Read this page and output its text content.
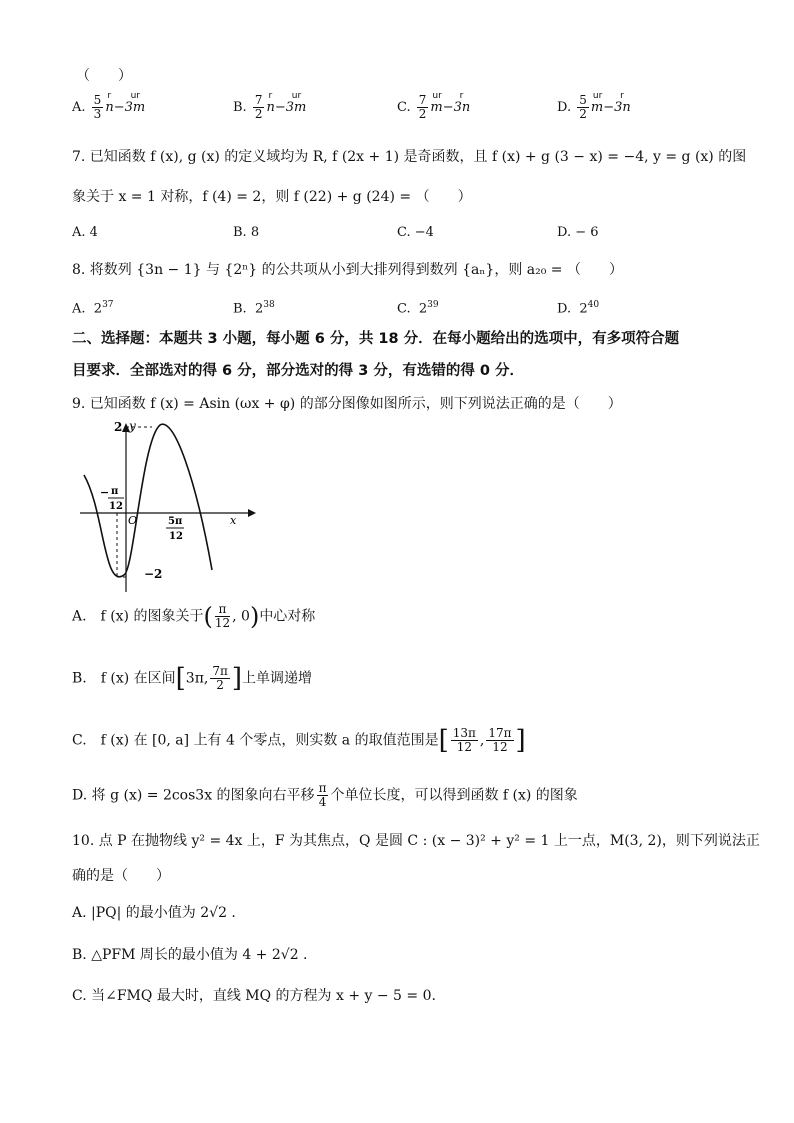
（　　）
A. $\frac{5}{3}$ r
n−
ur
3m	B. $\frac{7}{2}$ r
n−
ur
3m	C. $\frac{7}{2}$ ur
m−
r
3n	D. $\frac{5}{2}$ ur
m−
r
3n
7. 已知函数 f (x), g (x) 的定义域均为 R, f (2x + 1) 是奇函数，且 f (x) + g (3 − x) = −4, y = g (x) 的图
象关于 x = 1 对称，f (4) = 2，则 f (22) + g (24) = （　　）
A. 4	B. 8	C. −4	D. − 6
8. 将数列 {3n − 1} 与 {2ⁿ} 的公共项从小到大排列得到数列 {aₙ}，则 a₂₀ = （　　）
A. $2^{37}$	B. $2^{38}$	C. $2^{39}$	D. $2^{40}$
二、选择题：本题共 3 小题，每小题 6 分，共 18 分．在每小题给出的选项中，有多项符合题
目要求．全部选对的得 6 分，部分选对的得 3 分，有选错的得 0 分．
9. 已知函数 f (x) = Asin (ωx + φ) 的部分图像如图所示，则下列说法正确的是（　　）
y
2
O	x
−2
− π
12
5π
12
A.　f (x) 的图象关于( $\frac{\pi}{12}$ , 0)中心对称
B.　f (x) 在区间[3π, $\frac{7\pi}{2}$ ]上单调递增
C.　f (x) 在 [0, a] 上有 4 个零点，则实数 a 的取值范围是[ $\frac{13\pi}{12}$ , $\frac{17\pi}{12}$ ]
D. 将 g (x) = 2cos3x 的图象向右平移 $\frac{\pi}{4}$ 个单位长度，可以得到函数 f (x) 的图象
10. 点 P 在抛物线 y² = 4x 上，F 为其焦点，Q 是圆 C : (x − 3)² + y² = 1 上一点，M(3, 2)，则下列说法正
确的是（　　）
A. |PQ| 的最小值为 2√2 .
B. △PFM 周长的最小值为 4 + 2√2 .
C. 当∠FMQ 最大时，直线 MQ 的方程为 x + y − 5 = 0.
